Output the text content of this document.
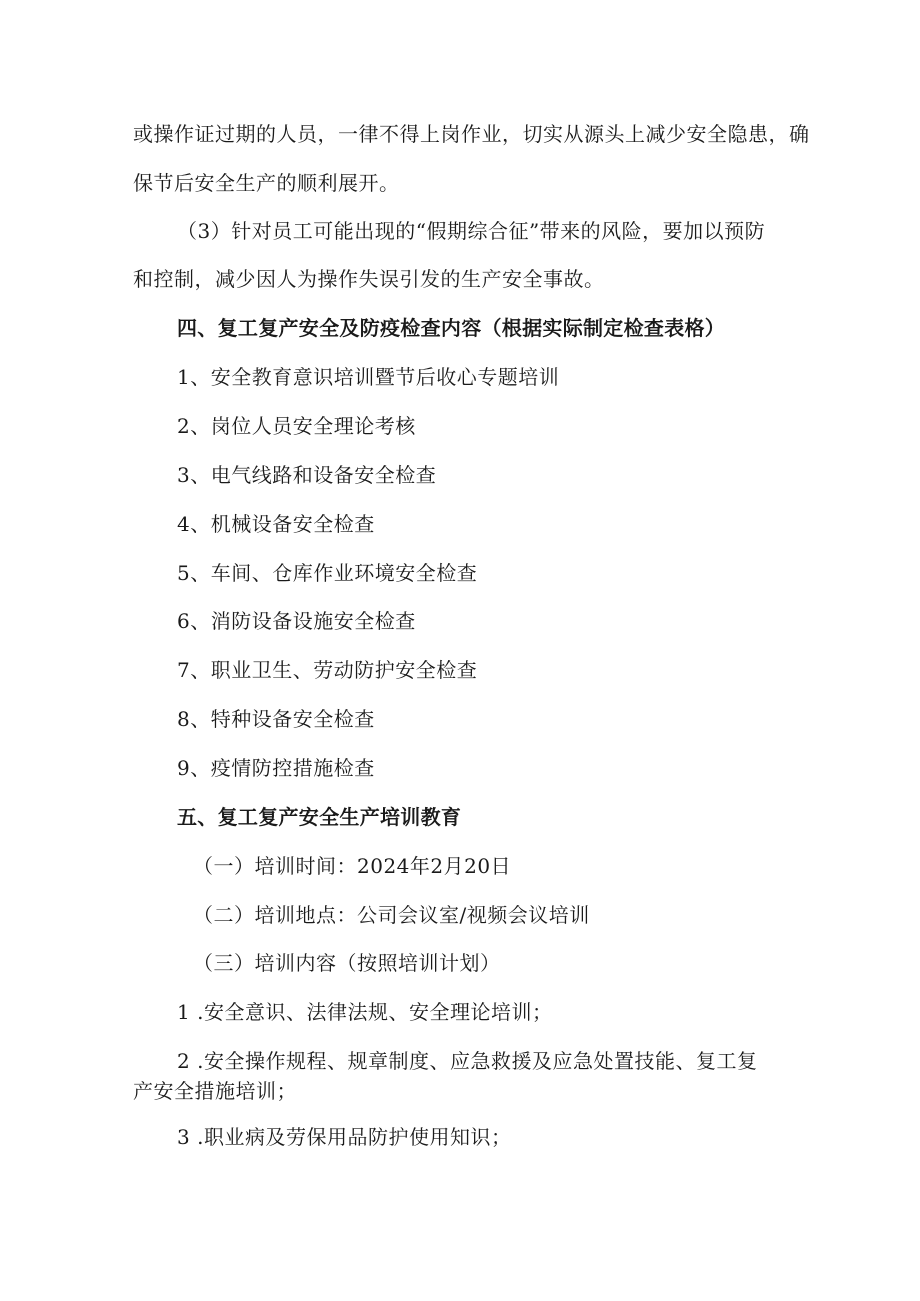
或操作证过期的人员，一律不得上岗作业，切实从源头上减少安全隐患，确
保节后安全生产的顺利展开。
（3）针对员工可能出现的“假期综合征”带来的风险，要加以预防
和控制，减少因人为操作失误引发的生产安全事故。
四、复工复产安全及防疫检查内容（根据实际制定检查表格）
1、安全教育意识培训暨节后收心专题培训
2、岗位人员安全理论考核
3、电气线路和设备安全检查
4、机械设备安全检查
5、车间、仓库作业环境安全检查
6、消防设备设施安全检查
7、职业卫生、劳动防护安全检查
8、特种设备安全检查
9、疫情防控措施检查
五、复工复产安全生产培训教育
（一）培训时间：2024年2月20日
（二）培训地点：公司会议室/视频会议培训
（三）培训内容（按照培训计划）
1 .安全意识、法律法规、安全理论培训；
2 .安全操作规程、规章制度、应急救援及应急处置技能、复工复
产安全措施培训；
3 .职业病及劳保用品防护使用知识；
